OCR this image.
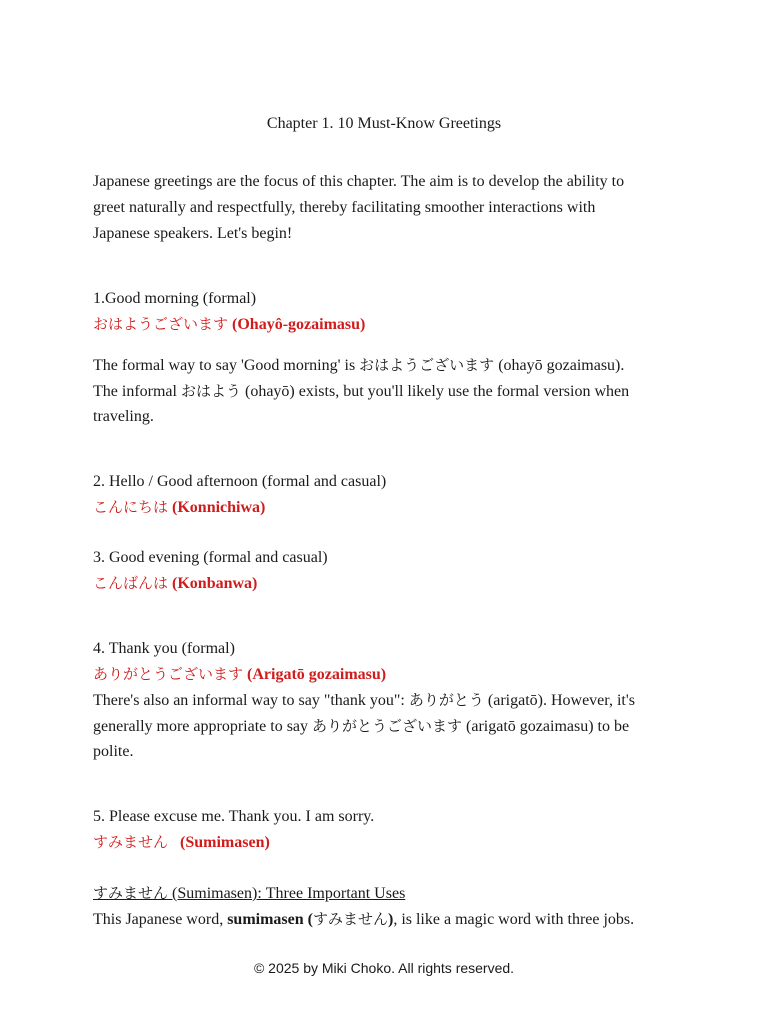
Chapter 1. 10 Must-Know Greetings
Japanese greetings are the focus of this chapter. The aim is to develop the ability to
greet naturally and respectfully, thereby facilitating smoother interactions with
Japanese speakers. Let's begin!
1.Good morning (formal)
おはようございます (Ohayô-gozaimasu)
The formal way to say 'Good morning' is おはようございます (ohayō gozaimasu).
The informal おはよう (ohayō) exists, but you'll likely use the formal version when
traveling.
2. Hello / Good afternoon (formal and casual)
こんにちは (Konnichiwa)
3. Good evening (formal and casual)
こんばんは (Konbanwa)
4. Thank you (formal)
ありがとうございます (Arigatō gozaimasu)
There's also an informal way to say "thank you": ありがとう (arigatō). However, it's
generally more appropriate to say ありがとうございます (arigatō gozaimasu) to be
polite.
5. Please excuse me. Thank you. I am sorry.
すみません (Sumimasen)
すみません (Sumimasen): Three Important Uses
This Japanese word, sumimasen (すみません), is like a magic word with three jobs.
© 2025 by Miki Choko. All rights reserved.
